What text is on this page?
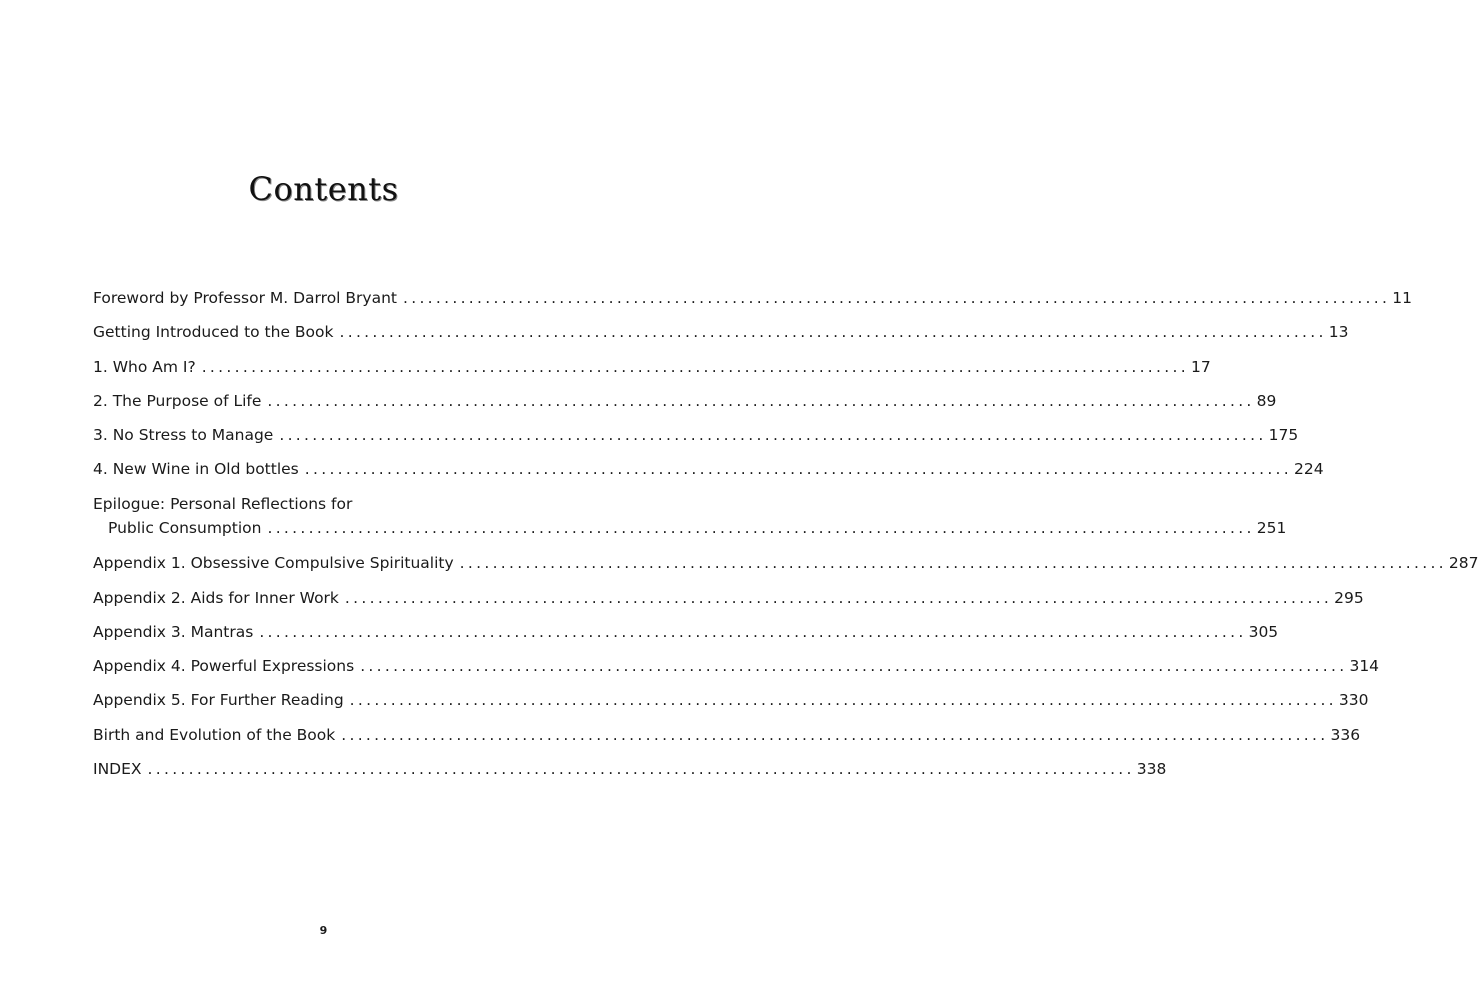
Contents
Foreword by Professor M. Darrol Bryant ........................................................................................................................ 11
Getting Introduced to the Book ........................................................................................................................ 13
1. Who Am I? ........................................................................................................................ 17
2. The Purpose of Life ........................................................................................................................ 89
3. No Stress to Manage ........................................................................................................................ 175
4. New Wine in Old bottles ........................................................................................................................ 224
Epilogue: Personal Reflections for
Public Consumption ........................................................................................................................ 251
Appendix 1. Obsessive Compulsive Spirituality ........................................................................................................................ 287
Appendix 2. Aids for Inner Work ........................................................................................................................ 295
Appendix 3. Mantras ........................................................................................................................ 305
Appendix 4. Powerful Expressions ........................................................................................................................ 314
Appendix 5. For Further Reading ........................................................................................................................ 330
Birth and Evolution of the Book ........................................................................................................................ 336
INDEX ........................................................................................................................ 338
9
